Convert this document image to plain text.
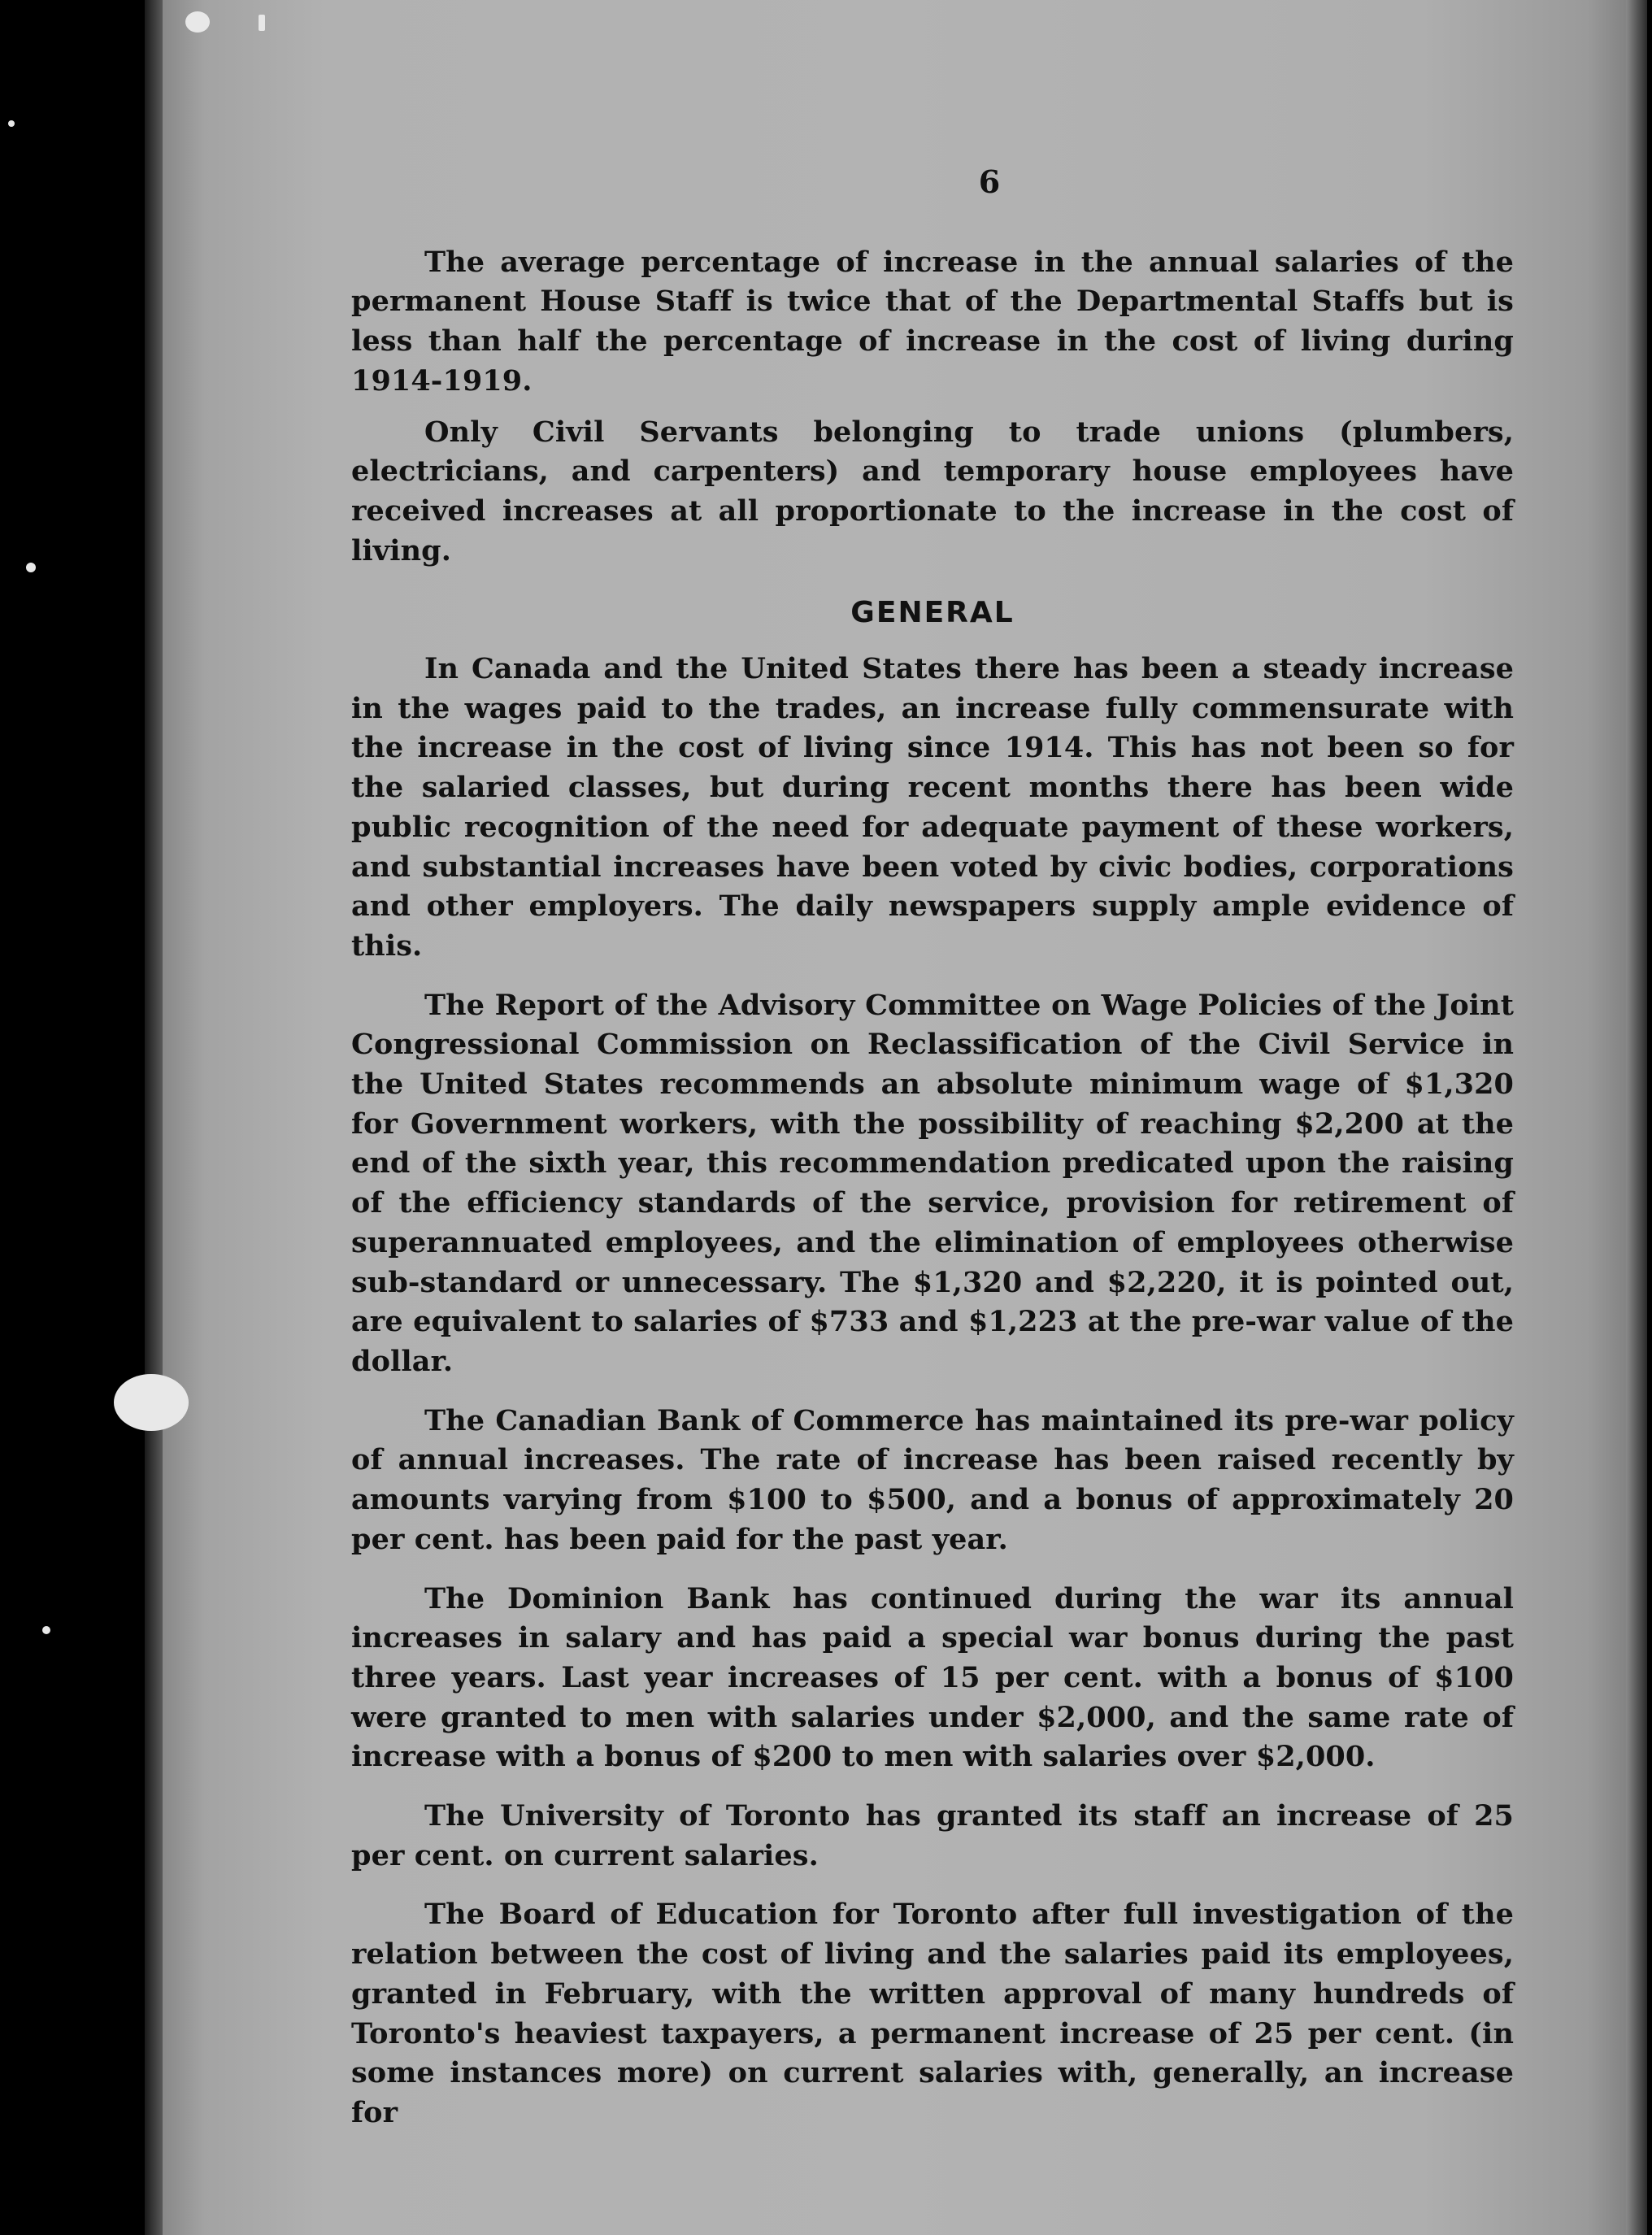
6

The average percentage of increase in the annual salaries of the permanent House Staff is twice that of the Departmental Staffs but is less than half the percentage of increase in the cost of living during 1914-1919.

Only Civil Servants belonging to trade unions (plumbers, electricians, and carpenters) and temporary house employees have received increases at all proportionate to the increase in the cost of living.

GENERAL

In Canada and the United States there has been a steady increase in the wages paid to the trades, an increase fully commensurate with the increase in the cost of living since 1914. This has not been so for the salaried classes, but during recent months there has been wide public recognition of the need for adequate payment of these workers, and substantial increases have been voted by civic bodies, corporations and other employers. The daily newspapers supply ample evidence of this.

The Report of the Advisory Committee on Wage Policies of the Joint Congressional Commission on Reclassification of the Civil Service in the United States recommends an absolute minimum wage of $1,320 for Government workers, with the possibility of reaching $2,200 at the end of the sixth year, this recommendation predicated upon the raising of the efficiency standards of the service, provision for retirement of superannuated employees, and the elimination of employees otherwise sub-standard or unnecessary. The $1,320 and $2,220, it is pointed out, are equivalent to salaries of $733 and $1,223 at the pre-war value of the dollar.

The Canadian Bank of Commerce has maintained its pre-war policy of annual increases. The rate of increase has been raised recently by amounts varying from $100 to $500, and a bonus of approximately 20 per cent. has been paid for the past year.

The Dominion Bank has continued during the war its annual increases in salary and has paid a special war bonus during the past three years. Last year increases of 15 per cent. with a bonus of $100 were granted to men with salaries under $2,000, and the same rate of increase with a bonus of $200 to men with salaries over $2,000.

The University of Toronto has granted its staff an increase of 25 per cent. on current salaries.

The Board of Education for Toronto after full investigation of the relation between the cost of living and the salaries paid its employees, granted in February, with the written approval of many hundreds of Toronto's heaviest taxpayers, a permanent increase of 25 per cent. (in some instances more) on current salaries with, generally, an increase for
